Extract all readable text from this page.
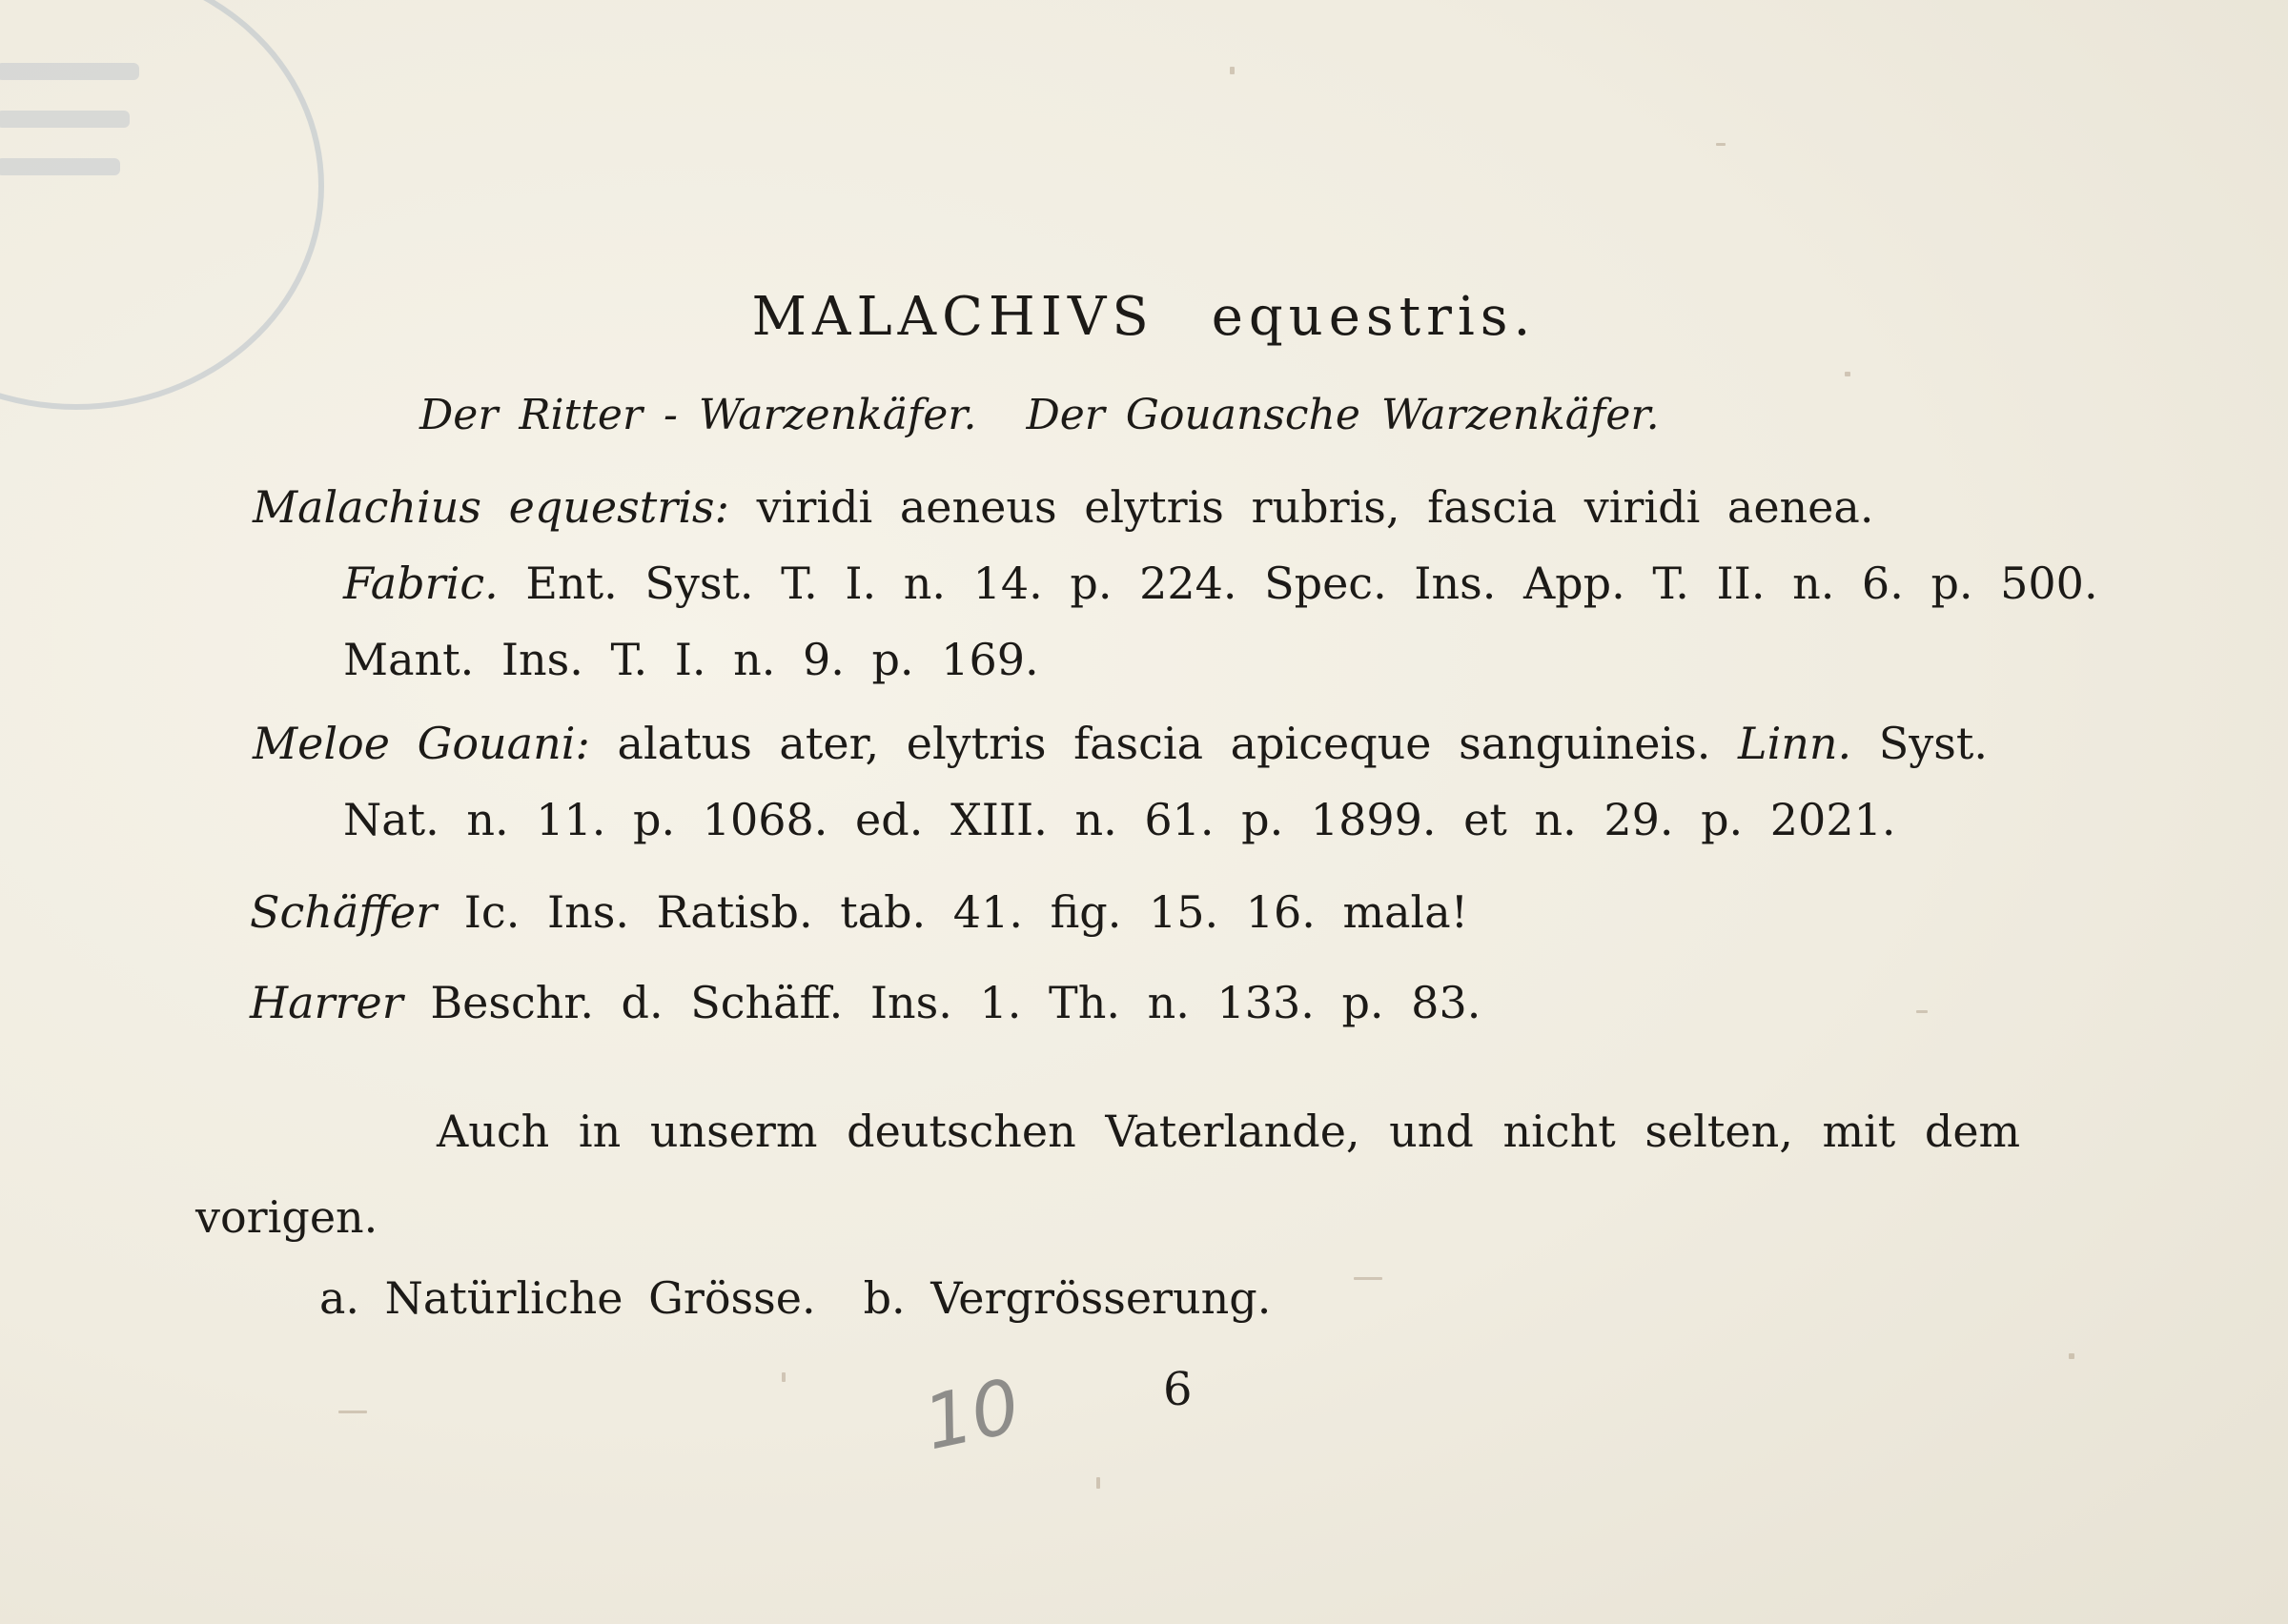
MALACHIVS equestris.
Der Ritter - Warzenkäfer. Der Gouansche Warzenkäfer.
Malachius equestris: viridi aeneus elytris rubris, fascia viridi aenea.
Fabric. Ent. Syst. T. I. n. 14. p. 224. Spec. Ins. App. T. II. n. 6. p. 500.
Mant. Ins. T. I. n. 9. p. 169.
Meloe Gouani: alatus ater, elytris fascia apiceque sanguineis. Linn. Syst.
Nat. n. 11. p. 1068. ed. XIII. n. 61. p. 1899. et n. 29. p. 2021.
Schäffer Ic. Ins. Ratisb. tab. 41. fig. 15. 16. mala!
Harrer Beschr. d. Schäff. Ins. 1. Th. n. 133. p. 83.
Auch in unserm deutschen Vaterlande, und nicht selten, mit dem
vorigen.
a. Natürliche Grösse. b. Vergrösserung.
6
10
